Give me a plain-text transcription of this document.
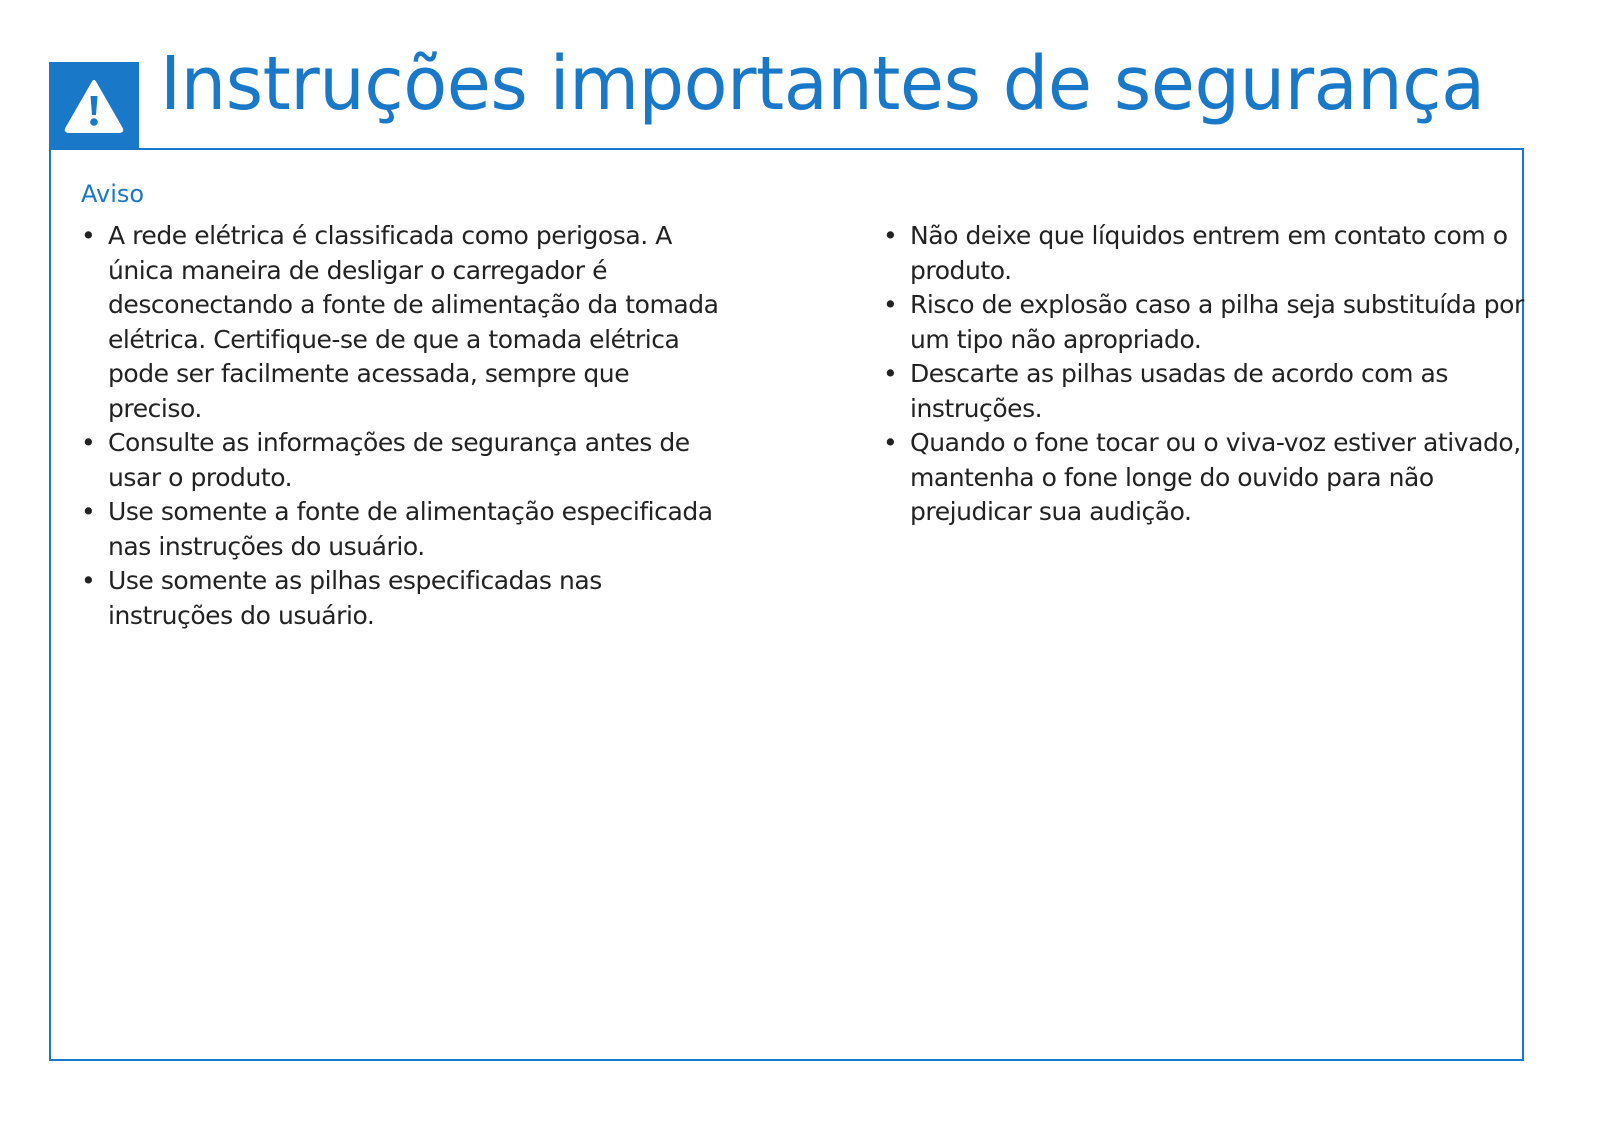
Instruções importantes de segurança
Aviso
• A rede elétrica é classificada como perigosa. A única maneira de desligar o carregador é desconectando a fonte de alimentação da tomada elétrica. Certifique-se de que a tomada elétrica pode ser facilmente acessada, sempre que preciso.
• Consulte as informações de segurança antes de usar o produto.
• Use somente a fonte de alimentação especificada nas instruções do usuário.
• Use somente as pilhas especificadas nas instruções do usuário.
• Não deixe que líquidos entrem em contato com o produto.
• Risco de explosão caso a pilha seja substituída por um tipo não apropriado.
• Descarte as pilhas usadas de acordo com as instruções.
• Quando o fone tocar ou o viva-voz estiver ativado, mantenha o fone longe do ouvido para não prejudicar sua audição.
